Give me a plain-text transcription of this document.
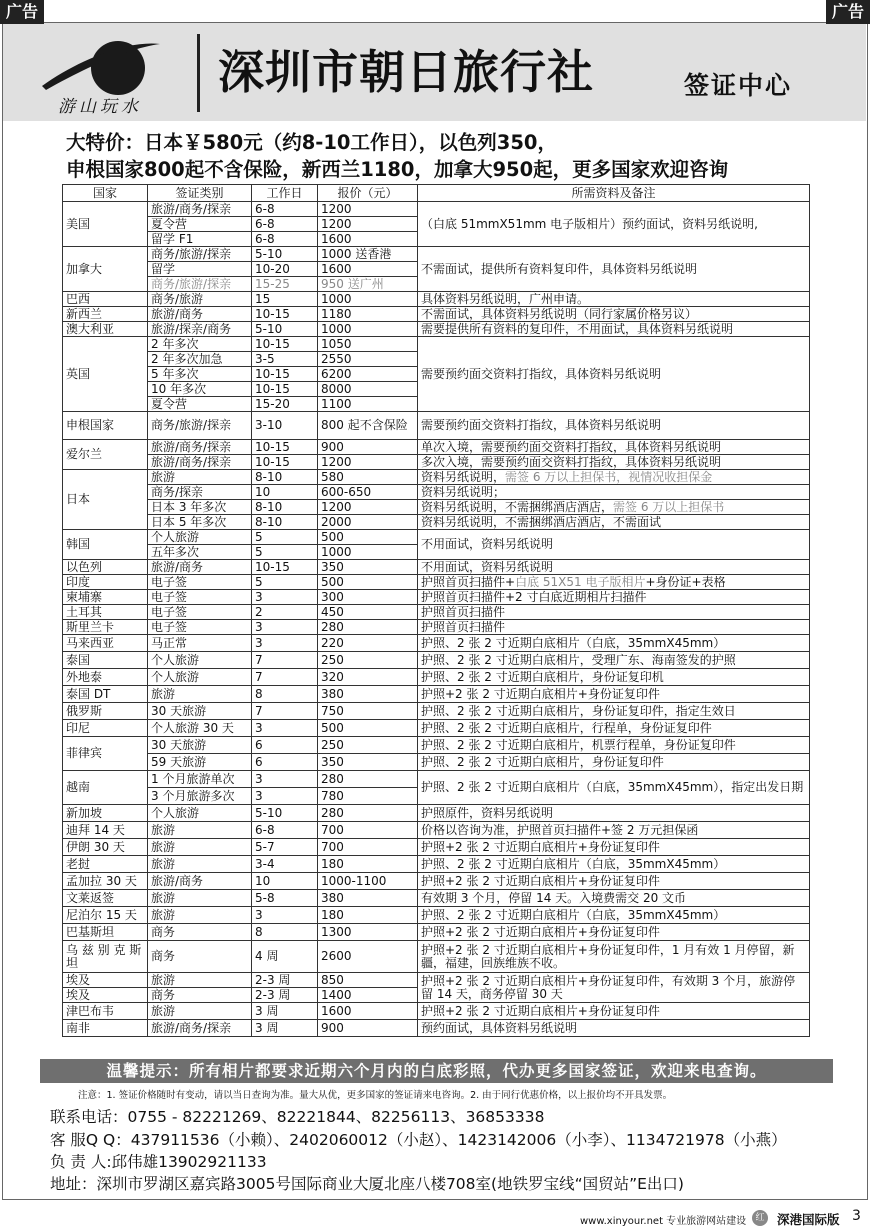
广告	广告
游山玩水
深圳市朝日旅行社	签证中心
大特价：日本￥580元（约8-10工作日），以色列350，
申根国家800起不含保险，新西兰1180，加拿大950起，更多国家欢迎咨询
国家	签证类别	工作日	报价（元）	所需资料及备注
美国	旅游/商务/探亲	6-8	1200	（白底 51mmX51mm 电子版相片）预约面试，资料另纸说明,
	夏令营	6-8	1200	
	留学 F1	6-8	1600	
加拿大	商务/旅游/探亲	5-10	1000 送香港	不需面试，提供所有资料复印件，具体资料另纸说明
	留学	10-20	1600	
	商务/旅游/探亲	15-25	950 送广州	
巴西	商务/旅游	15	1000	具体资料另纸说明，广州申请。
新西兰	旅游/商务	10-15	1180	不需面试，具体资料另纸说明（同行家属价格另议）
澳大利亚	旅游/探亲/商务	5-10	1000	需要提供所有资料的复印件，不用面试，具体资料另纸说明
英国	2 年多次	10-15	1050	需要预约面交资料打指纹，具体资料另纸说明
	2 年多次加急	3-5	2550	
	5 年多次	10-15	6200	
	10 年多次	10-15	8000	
	夏令营	15-20	1100	
申根国家	商务/旅游/探亲	3-10	800 起不含保险	需要预约面交资料打指纹，具体资料另纸说明
爱尔兰	旅游/商务/探亲	10-15	900	单次入境，需要预约面交资料打指纹，具体资料另纸说明
	旅游/商务/探亲	10-15	1200	多次入境，需要预约面交资料打指纹，具体资料另纸说明
日本	旅游	8-10	580	资料另纸说明，需签 6 万以上担保书，视情况收担保金
	商务/探亲	10	600-650	资料另纸说明；
	日本 3 年多次	8-10	1200	资料另纸说明，不需捆绑酒店酒店，需签 6 万以上担保书
	日本 5 年多次	8-10	2000	资料另纸说明，不需捆绑酒店酒店，不需面试
韩国	个人旅游	5	500	不用面试，资料另纸说明
	五年多次	5	1000	
以色列	旅游/商务	10-15	350	不用面试，资料另纸说明
印度	电子签	5	500	护照首页扫描件+白底 51X51 电子版相片+身份证+表格
柬埔寨	电子签	3	300	护照首页扫描件+2 寸白底近期相片扫描件
土耳其	电子签	2	450	护照首页扫描件
斯里兰卡	电子签	3	280	护照首页扫描件
马来西亚	马正常	3	220	护照、2 张 2 寸近期白底相片（白底，35mmX45mm）
泰国	个人旅游	7	250	护照、2 张 2 寸近期白底相片，受理广东、海南签发的护照
外地泰	个人旅游	7	320	护照、2 张 2 寸近期白底相片，身份证复印机
泰国 DT	旅游	8	380	护照+2 张 2 寸近期白底相片+身份证复印件
俄罗斯	30 天旅游	7	750	护照、2 张 2 寸近期白底相片，身份证复印件，指定生效日
印尼	个人旅游 30 天	3	500	护照、2 张 2 寸近期白底相片，行程单，身份证复印件
菲律宾	30 天旅游	6	250	护照、2 张 2 寸近期白底相片，机票行程单，身份证复印件
	59 天旅游	6	350	护照、2 张 2 寸近期白底相片，身份证复印件
越南	1 个月旅游单次	3	280	护照、2 张 2 寸近期白底相片（白底，35mmX45mm），指定出发日期
	3 个月旅游多次	3	780	
新加坡	个人旅游	5-10	280	护照原件，资料另纸说明
迪拜 14 天	旅游	6-8	700	价格以咨询为准，护照首页扫描件+签 2 万元担保函
伊朗 30 天	旅游	5-7	700	护照+2 张 2 寸近期白底相片+身份证复印件
老挝	旅游	3-4	180	护照、2 张 2 寸近期白底相片（白底，35mmX45mm）
孟加拉 30 天	旅游/商务	10	1000-1100	护照+2 张 2 寸近期白底相片+身份证复印件
文莱返签	旅游	5-8	380	有效期 3 个月，停留 14 天。入境费需交 20 文币
尼泊尔 15 天	旅游	3	180	护照、2 张 2 寸近期白底相片（白底，35mmX45mm）
巴基斯坦	商务	8	1300	护照+2 张 2 寸近期白底相片+身份证复印件
乌 兹 别 克 斯 坦	商务	4 周	2600	护照+2 张 2 寸近期白底相片+身份证复印件，1 月有效 1 月停留，新疆，福建，回族维族不收。
埃及	旅游	2-3 周	850	护照+2 张 2 寸近期白底相片+身份证复印件，有效期 3 个月，旅游停留 14 天，商务停留 30 天
埃及	商务	2-3 周	1400	
津巴布韦	旅游	3 周	1600	护照+2 张 2 寸近期白底相片+身份证复印件
南非	旅游/商务/探亲	3 周	900	预约面试，具体资料另纸说明
温馨提示：所有相片都要求近期六个月内的白底彩照，代办更多国家签证，欢迎来电查询。
注意：1. 签证价格随时有变动，请以当日查询为准。量大从优，更多国家的签证请来电咨询。2. 由于同行优惠价格，以上报价均不开具发票。
联系电话：0755 - 82221269、82221844、82256113、36853338
客 服Q Q：437911536（小赖）、2402060012（小赵）、1423142006（小李）、1134721978（小燕）
负 责 人:邱伟雄13902921133
地址：深圳市罗湖区嘉宾路3005号国际商业大厦北座八楼708室(地铁罗宝线“国贸站”E出口)
www.xinyour.net 专业旅游网站建设	红 深港国际版 3
